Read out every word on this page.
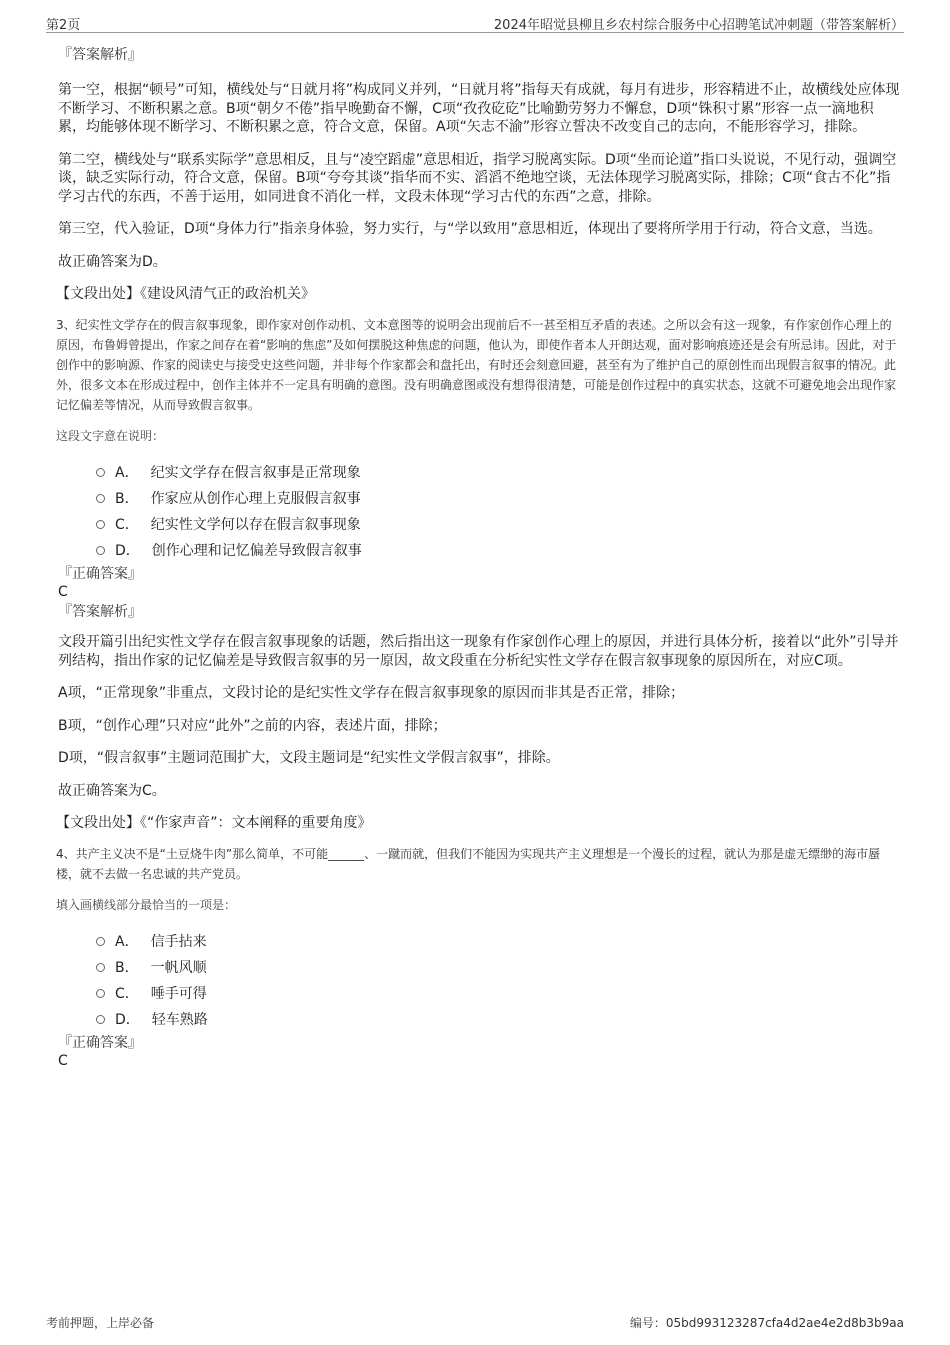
第2页	2024年昭觉县柳且乡农村综合服务中心招聘笔试冲刺题（带答案解析）
『答案解析』

第一空，根据“顿号”可知，横线处与“日就月将”构成同义并列，“日就月将”指每天有成就，每月有进步，形容精进不止，故横线处应体现不断学习、不断积累之意。B项“朝夕不倦”指早晚勤奋不懈，C项“孜孜矻矻”比喻勤劳努力不懈怠，D项“铢积寸累”形容一点一滴地积累，均能够体现不断学习、不断积累之意，符合文意，保留。A项“矢志不渝”形容立誓决不改变自己的志向，不能形容学习，排除。

第二空，横线处与“联系实际学”意思相反，且与“凌空蹈虚”意思相近，指学习脱离实际。D项“坐而论道”指口头说说，不见行动，强调空谈，缺乏实际行动，符合文意，保留。B项“夸夸其谈”指华而不实、滔滔不绝地空谈，无法体现学习脱离实际，排除；C项“食古不化”指学习古代的东西，不善于运用，如同进食不消化一样，文段未体现“学习古代的东西”之意，排除。

第三空，代入验证，D项“身体力行”指亲身体验，努力实行，与“学以致用”意思相近，体现出了要将所学用于行动，符合文意，当选。

故正确答案为D。

【文段出处】《建设风清气正的政治机关》

3、纪实性文学存在的假言叙事现象，即作家对创作动机、文本意图等的说明会出现前后不一甚至相互矛盾的表述。之所以会有这一现象，有作家创作心理上的原因，布鲁姆曾提出，作家之间存在着“影响的焦虑”及如何摆脱这种焦虑的问题，他认为，即使作者本人开朗达观，面对影响痕迹还是会有所忌讳。因此，对于创作中的影响源、作家的阅读史与接受史这些问题，并非每个作家都会和盘托出，有时还会刻意回避，甚至有为了维护自己的原创性而出现假言叙事的情况。此外，很多文本在形成过程中，创作主体并不一定具有明确的意图。没有明确意图或没有想得很清楚，可能是创作过程中的真实状态，这就不可避免地会出现作家记忆偏差等情况，从而导致假言叙事。

这段文字意在说明：

A． 纪实文学存在假言叙事是正常现象
B． 作家应从创作心理上克服假言叙事
C． 纪实性文学何以存在假言叙事现象
D． 创作心理和记忆偏差导致假言叙事
『正确答案』
C
『答案解析』

文段开篇引出纪实性文学存在假言叙事现象的话题，然后指出这一现象有作家创作心理上的原因，并进行具体分析，接着以“此外”引导并列结构，指出作家的记忆偏差是导致假言叙事的另一原因，故文段重在分析纪实性文学存在假言叙事现象的原因所在，对应C项。

A项，“正常现象”非重点，文段讨论的是纪实性文学存在假言叙事现象的原因而非其是否正常，排除；

B项，“创作心理”只对应“此外”之前的内容，表述片面，排除；

D项，“假言叙事”主题词范围扩大，文段主题词是“纪实性文学假言叙事”，排除。

故正确答案为C。

【文段出处】《“作家声音”：文本阐释的重要角度》

4、共产主义决不是“土豆烧牛肉”那么简单，不可能______、一蹴而就，但我们不能因为实现共产主义理想是一个漫长的过程，就认为那是虚无缥缈的海市蜃楼，就不去做一名忠诚的共产党员。

填入画横线部分最恰当的一项是：

A． 信手拈来
B． 一帆风顺
C． 唾手可得
D． 轻车熟路
『正确答案』
C
考前押题，上岸必备	编号：05bd993123287cfa4d2ae4e2d8b3b9aa
